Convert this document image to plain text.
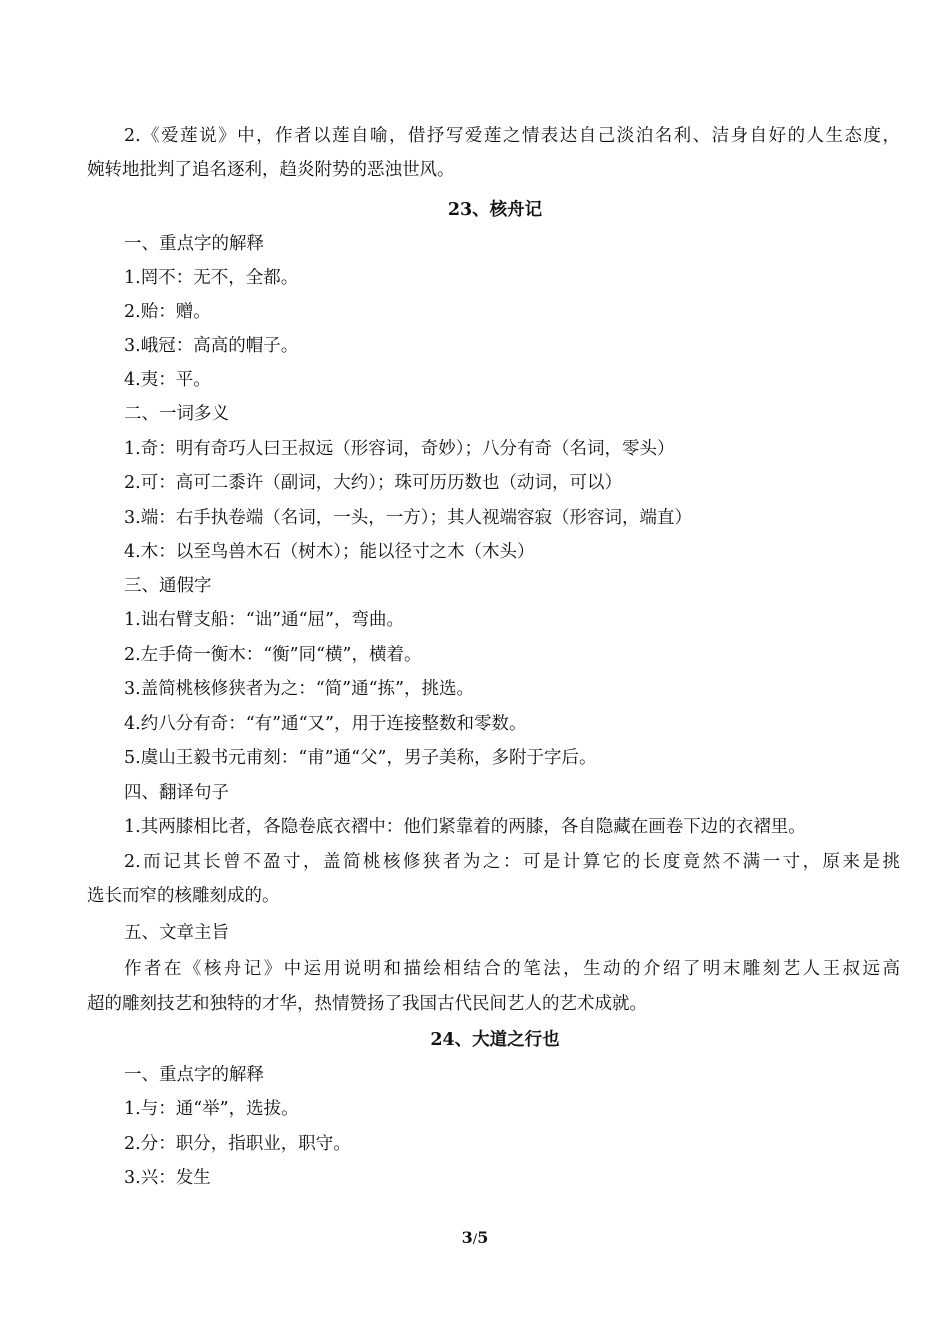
2.《爱莲说》中，作者以莲自喻，借抒写爱莲之情表达自己淡泊名利、洁身自好的人生态度，
婉转地批判了追名逐利，趋炎附势的恶浊世风。
23、核舟记
一、重点字的解释
1.罔不：无不，全都。
2.贻：赠。
3.峨冠：高高的帽子。
4.夷：平。
二、一词多义
1.奇：明有奇巧人曰王叔远（形容词，奇妙）；八分有奇（名词，零头）
2.可：高可二黍许（副词，大约）；珠可历历数也（动词，可以）
3.端：右手执卷端（名词，一头，一方）；其人视端容寂（形容词，端直）
4.木：以至鸟兽木石（树木）；能以径寸之木（木头）
三、通假字
1.诎右臂支船：“诎”通“屈”，弯曲。
2.左手倚一衡木：“衡”同“横”，横着。
3.盖简桃核修狭者为之：“简”通“拣”，挑选。
4.约八分有奇：“有”通“又”，用于连接整数和零数。
5.虞山王毅书元甫刻：“甫”通“父”，男子美称，多附于字后。
四、翻译句子
1.其两膝相比者，各隐卷底衣褶中：他们紧靠着的两膝，各自隐藏在画卷下边的衣褶里。
2.而记其长曾不盈寸，盖简桃核修狭者为之：可是计算它的长度竟然不满一寸，原来是挑
选长而窄的核雕刻成的。
五、文章主旨
作者在《核舟记》中运用说明和描绘相结合的笔法，生动的介绍了明末雕刻艺人王叔远高
超的雕刻技艺和独特的才华，热情赞扬了我国古代民间艺人的艺术成就。
24、大道之行也
一、重点字的解释
1.与：通“举”，选拔。
2.分：职分，指职业，职守。
3.兴：发生
3/5
